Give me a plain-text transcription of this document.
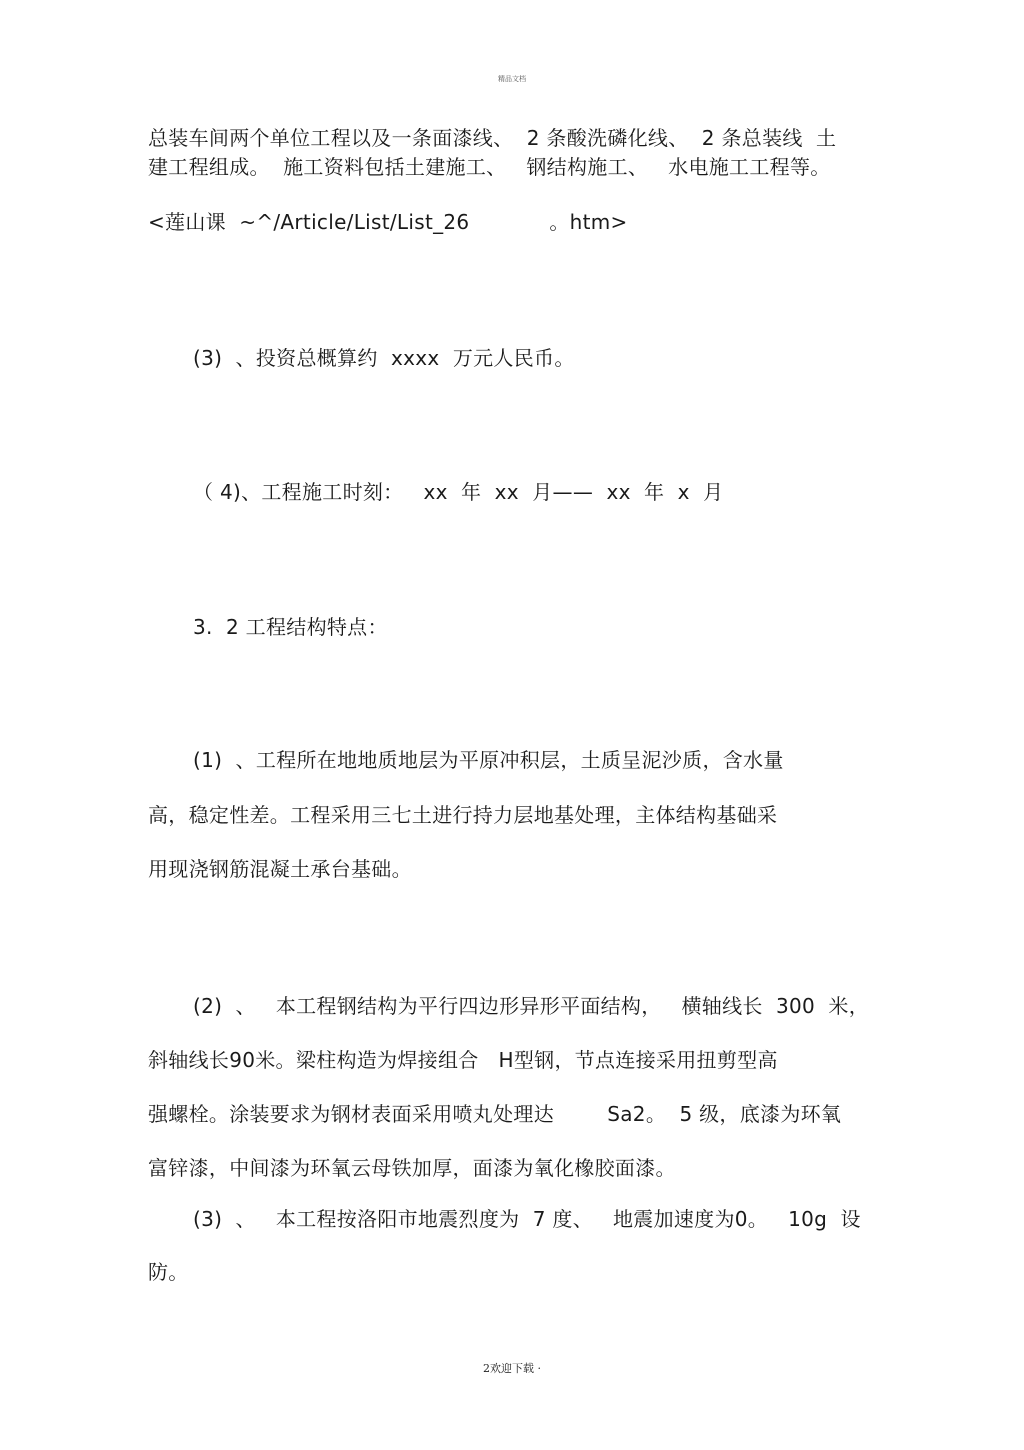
精品文档
总装车间两个单位工程以及一条面漆线、  2 条酸洗磷化线、  2 条总装线  土
建工程组成。  施工资料包括土建施工、   钢结构施工、   水电施工工程等。
<莲山课  ~^/Article/List/List_26            。htm>
(3)  、投资总概算约  xxxx  万元人民币。
（ 4)、工程施工时刻：   xx  年  xx  月——  xx  年  x  月
3.  2 工程结构特点：
(1)  、工程所在地地质地层为平原冲积层，土质呈泥沙质，含水量
高，稳定性差。工程采用三七土进行持力层地基处理，主体结构基础采
用现浇钢筋混凝土承台基础。
(2)  、   本工程钢结构为平行四边形异形平面结构，   横轴线长  300  米，
斜轴线长90米。梁柱构造为焊接组合   H型钢，节点连接采用扭剪型高
强螺栓。涂装要求为钢材表面采用喷丸处理达        Sa2。  5 级，底漆为环氧
富锌漆，中间漆为环氧云母铁加厚，面漆为氧化橡胶面漆。
(3)  、   本工程按洛阳市地震烈度为  7 度、   地震加速度为0。   10g  设
防。
2欢迎下载 ·
